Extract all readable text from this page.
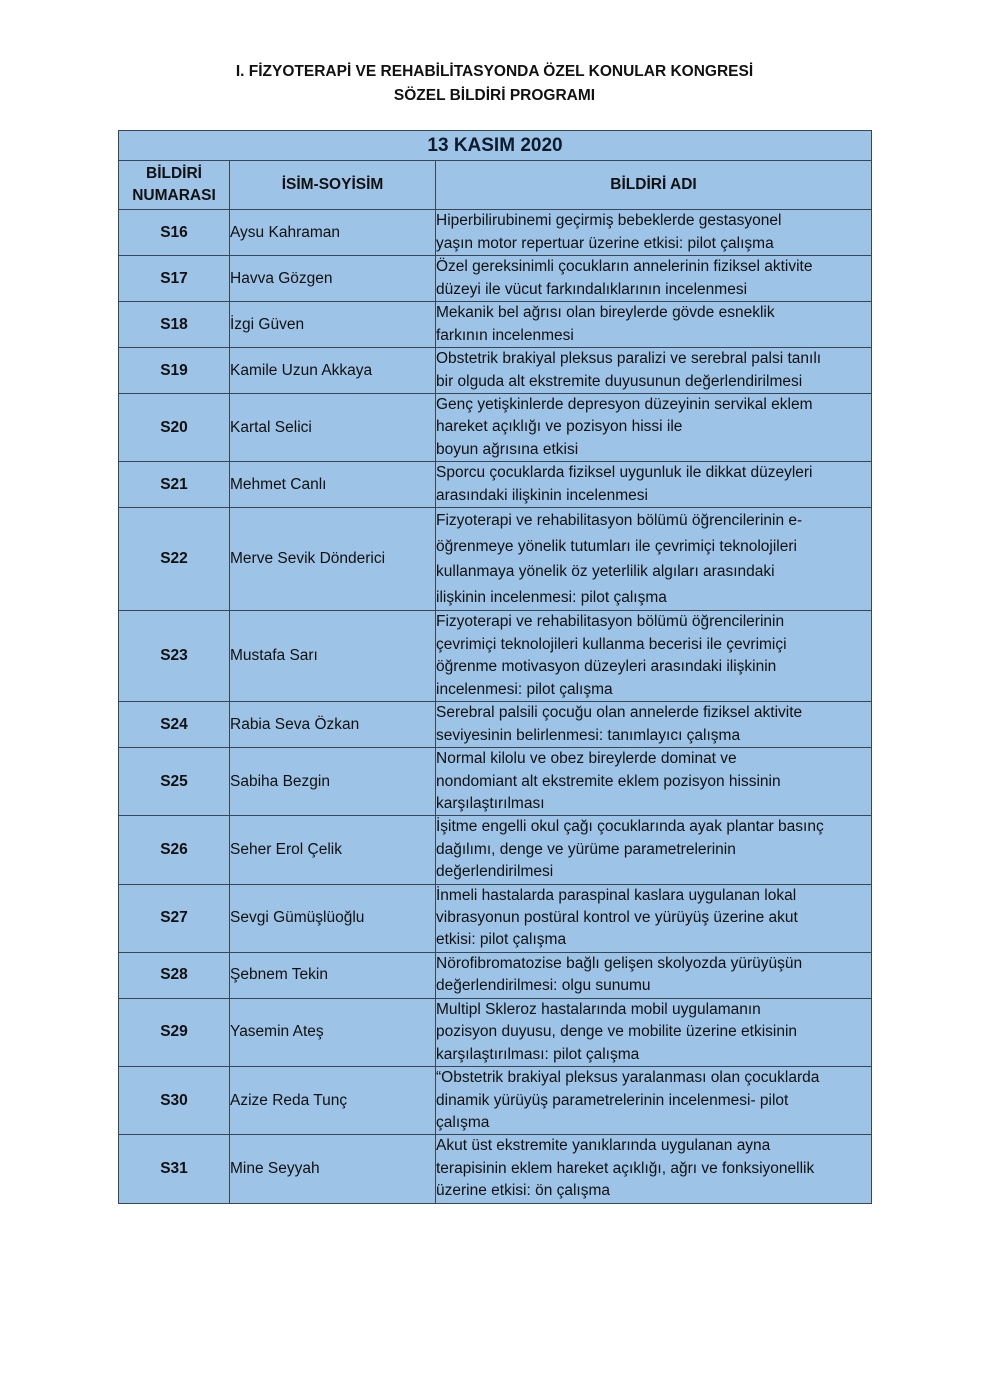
I. FİZYOTERAPİ VE REHABİLİTASYONDA ÖZEL KONULAR KONGRESİ
SÖZEL BİLDİRİ PROGRAMI
13 KASIM 2020		

BİLDİRİ
NUMARASI	İSİM-SOYİSİM	BİLDİRİ ADI
S16	Aysu Kahraman	Hiperbilirubinemi geçirmiş bebeklerde gestasyonel
yaşın motor repertuar üzerine etkisi: pilot çalışma

S17	Havva Gözgen	Özel gereksinimli çocukların annelerinin fiziksel aktivite
düzeyi ile vücut farkındalıklarının incelenmesi

S18	İzgi Güven	Mekanik bel ağrısı olan bireylerde gövde esneklik
farkının incelenmesi

S19	Kamile Uzun Akkaya	Obstetrik brakiyal pleksus paralizi ve serebral palsi tanılı
bir olguda alt ekstremite duyusunun değerlendirilmesi

S20	Kartal Selici	Genç yetişkinlerde depresyon düzeyinin servikal eklem
hareket açıklığı ve pozisyon hissi ile
boyun ağrısına etkisi

S21	Mehmet Canlı	Sporcu çocuklarda fiziksel uygunluk ile dikkat düzeyleri
arasındaki ilişkinin incelenmesi

S22	Merve Sevik Dönderici	Fizyoterapi ve rehabilitasyon bölümü öğrencilerinin e-
öğrenmeye yönelik tutumları ile çevrimiçi teknolojileri
kullanmaya yönelik öz yeterlilik algıları arasındaki
ilişkinin incelenmesi: pilot çalışma

S23	Mustafa Sarı	Fizyoterapi ve rehabilitasyon bölümü öğrencilerinin
çevrimiçi teknolojileri kullanma becerisi ile çevrimiçi
öğrenme motivasyon düzeyleri arasındaki ilişkinin
incelenmesi: pilot çalışma

S24	Rabia Seva Özkan	Serebral palsili çocuğu olan annelerde fiziksel aktivite
seviyesinin belirlenmesi: tanımlayıcı çalışma

S25	Sabiha Bezgin	Normal kilolu ve obez bireylerde dominat ve
nondomiant alt ekstremite eklem pozisyon hissinin
karşılaştırılması

S26	Seher Erol Çelik	İşitme engelli okul çağı çocuklarında ayak plantar basınç
dağılımı, denge ve yürüme parametrelerinin
değerlendirilmesi

S27	Sevgi Gümüşlüoğlu	İnmeli hastalarda paraspinal kaslara uygulanan lokal
vibrasyonun postüral kontrol ve yürüyüş üzerine akut
etkisi: pilot çalışma

S28	Şebnem Tekin	Nörofibromatozise bağlı gelişen skolyozda yürüyüşün
değerlendirilmesi: olgu sunumu

S29	Yasemin Ateş	Multipl Skleroz hastalarında mobil uygulamanın
pozisyon duyusu, denge ve mobilite üzerine etkisinin
karşılaştırılması: pilot çalışma

S30	Azize Reda Tunç	“Obstetrik brakiyal pleksus yaralanması olan çocuklarda
dinamik yürüyüş parametrelerinin incelenmesi- pilot
çalışma

S31	Mine Seyyah	Akut üst ekstremite yanıklarında uygulanan ayna
terapisinin eklem hareket açıklığı, ağrı ve fonksiyonellik
üzerine etkisi: ön çalışma
